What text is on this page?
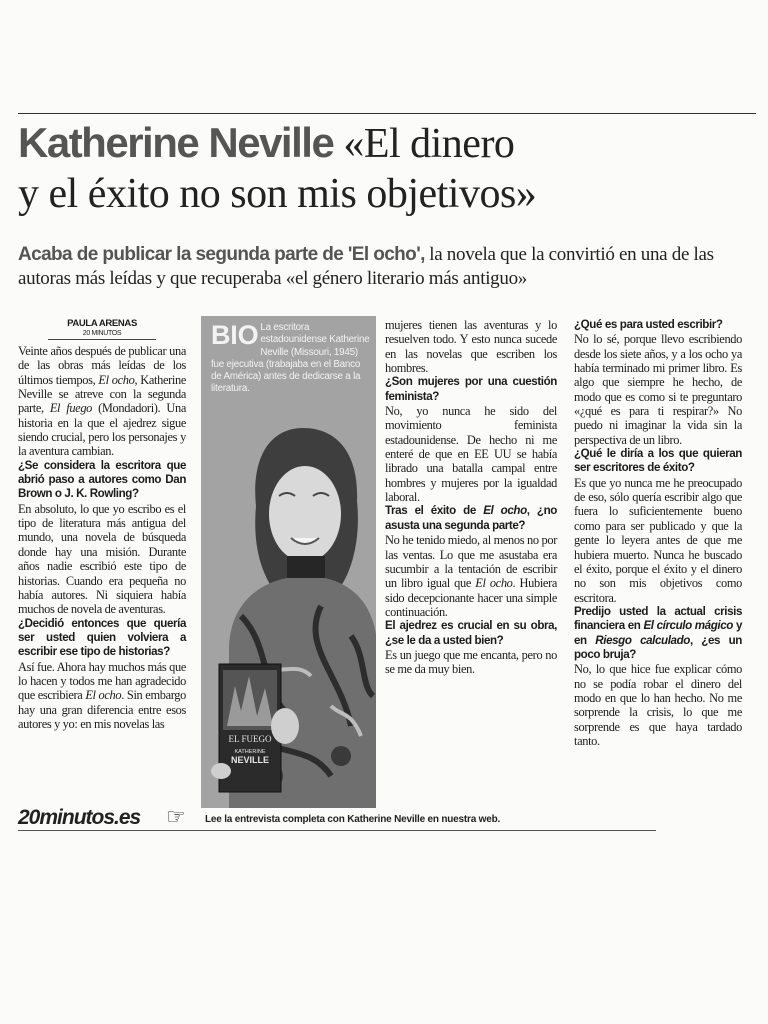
Katherine Neville «El dinero
y el éxito no son mis objetivos»
Acaba de publicar la segunda parte de 'El ocho', la novela que la convirtió en una de las autoras más leídas y que recuperaba «el género literario más antiguo»
PAULA ARENAS
20 MINUTOS

Veinte años después de publicar una de las obras más leídas de los últimos tiempos, El ocho, Katherine Neville se atreve con la segunda parte, El fuego (Mondadori). Una historia en la que el ajedrez sigue siendo crucial, pero los personajes y la aventura cambian.

¿Se considera la escritora que abrió paso a autores como Dan Brown o J. K. Rowling?

En absoluto, lo que yo escribo es el tipo de literatura más antigua del mundo, una novela de búsqueda donde hay una misión. Durante años nadie escribió este tipo de historias. Cuando era pequeña no había autores. Ni siquiera había muchos de novela de aventuras.

¿Decidió entonces que quería ser usted quien volviera a escribir ese tipo de historias?

Así fue. Ahora hay muchos más que lo hacen y todos me han agradecido que escribiera El ocho. Sin embargo hay una gran diferencia entre esos autores y yo: en mis novelas las

EL FUEGO
KATHERINE
NEVILLE
BIO La escritora estadounidense Katherine Neville (Missouri, 1945) fue ejecutiva (trabajaba en el Banco de América) antes de dedicarse a la literatura.

mujeres tienen las aventuras y lo resuelven todo. Y esto nunca sucede en las novelas que escriben los hombres.

¿Son mujeres por una cuestión feminista?

No, yo nunca he sido del movimiento feminista estadounidense. De hecho ni me enteré de que en EE UU se había librado una batalla campal entre hombres y mujeres por la igualdad laboral.

Tras el éxito de El ocho, ¿no asusta una segunda parte?

No he tenido miedo, al menos no por las ventas. Lo que me asustaba era sucumbir a la tentación de escribir un libro igual que El ocho. Hubiera sido decepcionante hacer una simple continuación.

El ajedrez es crucial en su obra, ¿se le da a usted bien?

Es un juego que me encanta, pero no se me da muy bien.

¿Qué es para usted escribir?

No lo sé, porque llevo escribiendo desde los siete años, y a los ocho ya había terminado mi primer libro. Es algo que siempre he hecho, de modo que es como si te preguntaro «¿qué es para ti respirar?» No puedo ni imaginar la vida sin la perspectiva de un libro.

¿Qué le diría a los que quieran ser escritores de éxito?

Es que yo nunca me he preocupado de eso, sólo quería escribir algo que fuera lo suficientemente bueno como para ser publicado y que la gente lo leyera antes de que me hubiera muerto. Nunca he buscado el éxito, porque el éxito y el dinero no son mis objetivos como escritora.

Predijo usted la actual crisis financiera en El círculo mágico y en Riesgo calculado, ¿es un poco bruja?

No, lo que hice fue explicar cómo no se podía robar el dinero del modo en que lo han hecho. No me sorprende la crisis, lo que me sorprende es que haya tardado tanto.

20minutos.es ☞ Lee la entrevista completa con Katherine Neville en nuestra web.
